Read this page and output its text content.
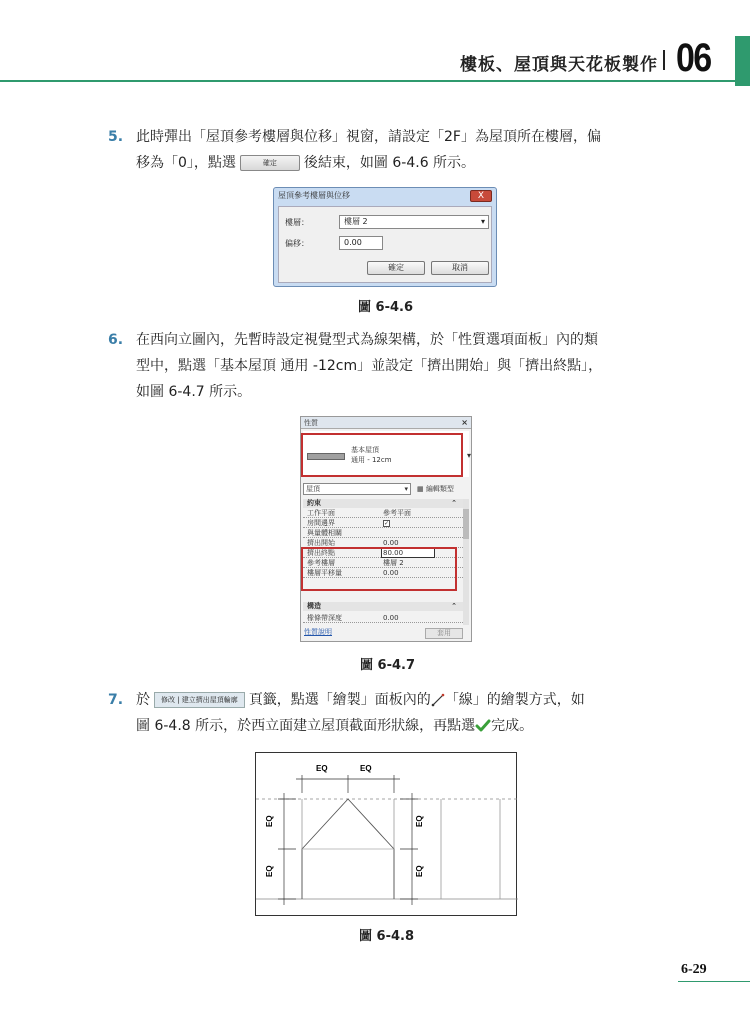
樓板、屋頂與天花板製作 06
5. 此時彈出「屋頂參考樓層與位移」視窗，請設定「2F」為屋頂所在樓層，偏
移為「0」，點選	確定 後結束，如圖 6-4.6 所示。
屋頂參考樓層與位移	X
樓層：	樓層 2 ▾
偏移：	0.00
確定	取消
圖 6-4.6
6. 在西向立圖內，先暫時設定視覺型式為線架構，於「性質選項面板」內的類
型中，點選「基本屋頂 通用 -12cm」並設定「擠出開始」與「擠出終點」，
如圖 6-4.7 所示。
性質	×
基本屋頂
通用 - 12cm	▾
屋頂 ▾	▦ 編輯類型
約束	⌃
工作平面	參考平面
房間邊界	✓
與量體相關
擠出開始	0.00
擠出終點	80.00
參考樓層	樓層 2
樓層平移量	0.00
構造	⌃
橡條帶深度	0.00
性質說明	套用
圖 6-4.7
7. 於 修改 | 建立擠出屋頂輪廓 頁籤，點選「繪製」面板內的 「線」的繪製方式，如
圖 6-4.8 所示，於西立面建立屋頂截面形狀線，再點選 完成。
EQ	EQ
EQ
EQ
EQ
EQ
圖 6-4.8
6-29
